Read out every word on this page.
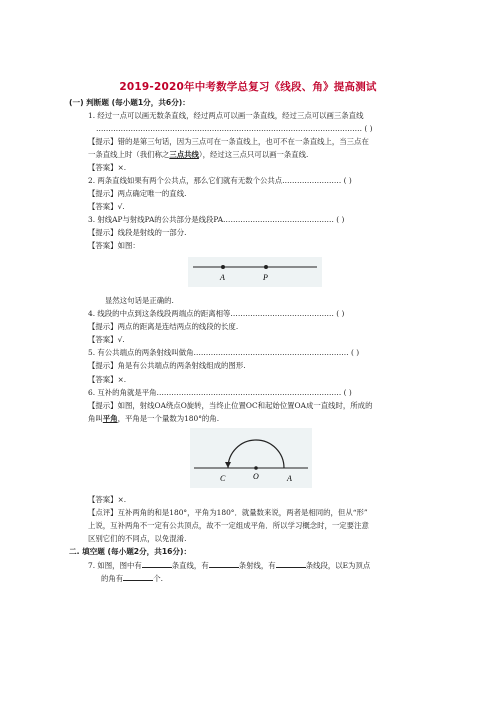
2019-2020年中考数学总复习《线段、角》提高测试
(一) 判断题 (每小题1分，共6分)：
1. 经过一点可以画无数条直线，经过两点可以画一条直线，经过三点可以画三条直线
……………………………………………………………………………………………… ( )
【提示】错的是第三句话，因为三点可在一条直线上，也可不在一条直线上，当三点在
一条直线上时（我们称之三点共线），经过这三点只可以画一条直线.
【答案】×.
2. 两条直线如果有两个公共点，那么它们就有无数个公共点…………………… ( )
【提示】两点确定唯一的直线.
【答案】√.
3. 射线AP与射线PA的公共部分是线段PA……………………………………… ( )
【提示】线段是射线的一部分.
【答案】如图：
A	P
显然这句话是正确的.
4. 线段的中点到这条线段两端点的距离相等…………………………………… ( )
【提示】两点的距离是连结两点的线段的长度.
【答案】√.
5. 有公共端点的两条射线叫做角……………………………………………………… ( )
【提示】角是有公共端点的两条射线组成的图形.
【答案】×.
6. 互补的角就是平角………………………………………………………………… ( )
【提示】如图，射线OA绕点O旋转，当终止位置OC和起始位置OA成一直线时，所成的
角叫平角，平角是一个量数为180°的角.
C	O	A
【答案】×.
【点评】互补两角的和是180°，平角为180°．就量数来说，两者是相同的，但从“形”
上说，互补两角不一定有公共顶点，故不一定组成平角．所以学习概念时，一定要注意
区别它们的不同点，以免混淆.
二. 填空题 (每小题2分，共16分)：
7. 如图，图中有	条直线，有	条射线，有	条线段，以E为顶点
的角有	个.
